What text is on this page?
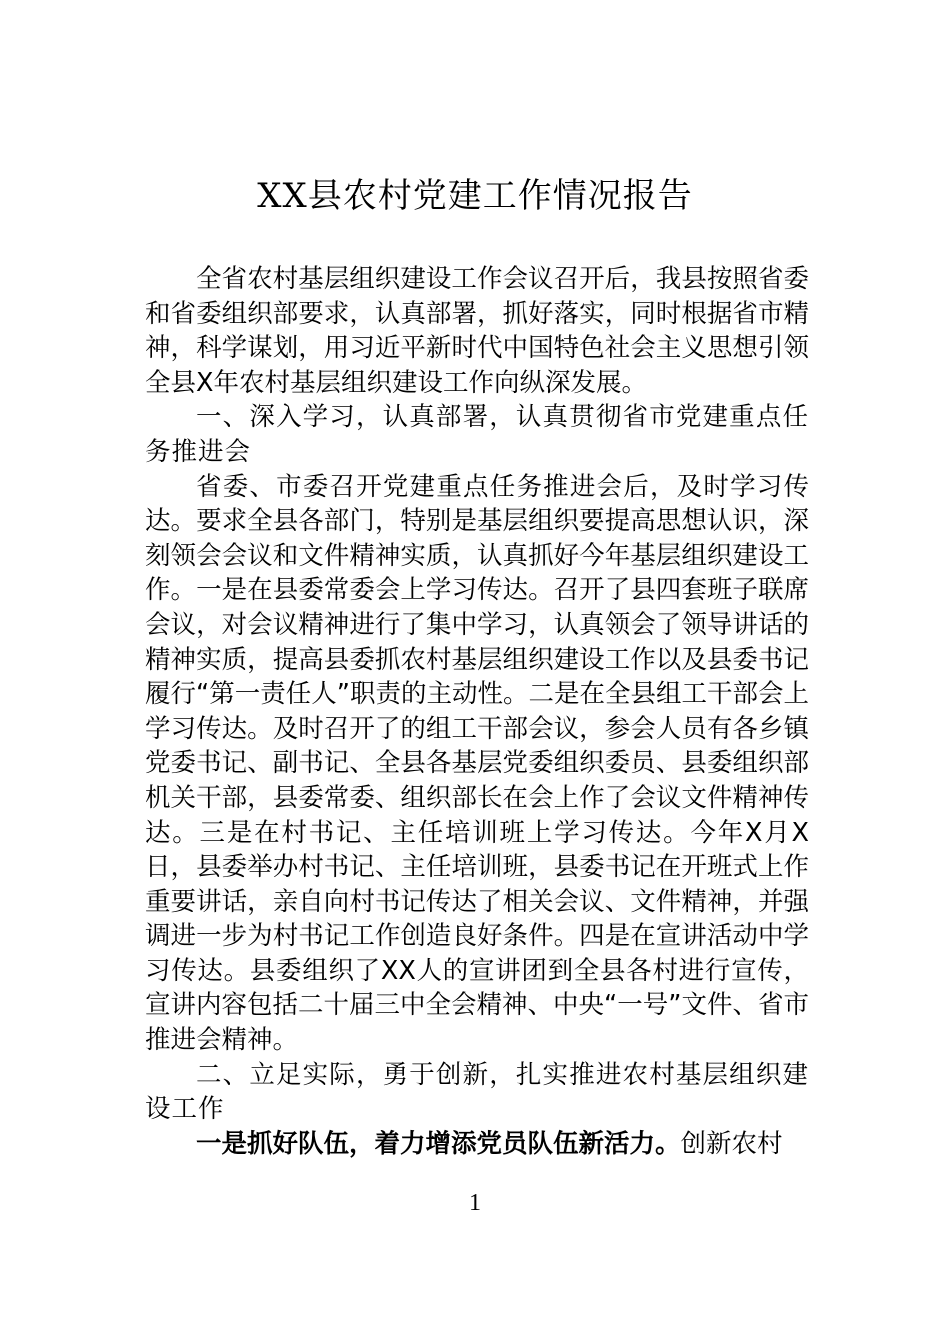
XX县农村党建工作情况报告

全省农村基层组织建设工作会议召开后，我县按照省委和省委组织部要求，认真部署，抓好落实，同时根据省市精神，科学谋划，用习近平新时代中国特色社会主义思想引领全县X年农村基层组织建设工作向纵深发展。

一、深入学习，认真部署，认真贯彻省市党建重点任务推进会

省委、市委召开党建重点任务推进会后，及时学习传达。要求全县各部门，特别是基层组织要提高思想认识，深刻领会会议和文件精神实质，认真抓好今年基层组织建设工作。一是在县委常委会上学习传达。召开了县四套班子联席会议，对会议精神进行了集中学习，认真领会了领导讲话的精神实质，提高县委抓农村基层组织建设工作以及县委书记履行“第一责任人”职责的主动性。二是在全县组工干部会上学习传达。及时召开了的组工干部会议，参会人员有各乡镇党委书记、副书记、全县各基层党委组织委员、县委组织部机关干部，县委常委、组织部长在会上作了会议文件精神传达。三是在村书记、主任培训班上学习传达。今年X月X日，县委举办村书记、主任培训班，县委书记在开班式上作重要讲话，亲自向村书记传达了相关会议、文件精神，并强调进一步为村书记工作创造良好条件。四是在宣讲活动中学习传达。县委组织了XX人的宣讲团到全县各村进行宣传，宣讲内容包括二十届三中全会精神、中央“一号”文件、省市推进会精神。

二、立足实际，勇于创新，扎实推进农村基层组织建设工作

一是抓好队伍，着力增添党员队伍新活力。创新农村

1
